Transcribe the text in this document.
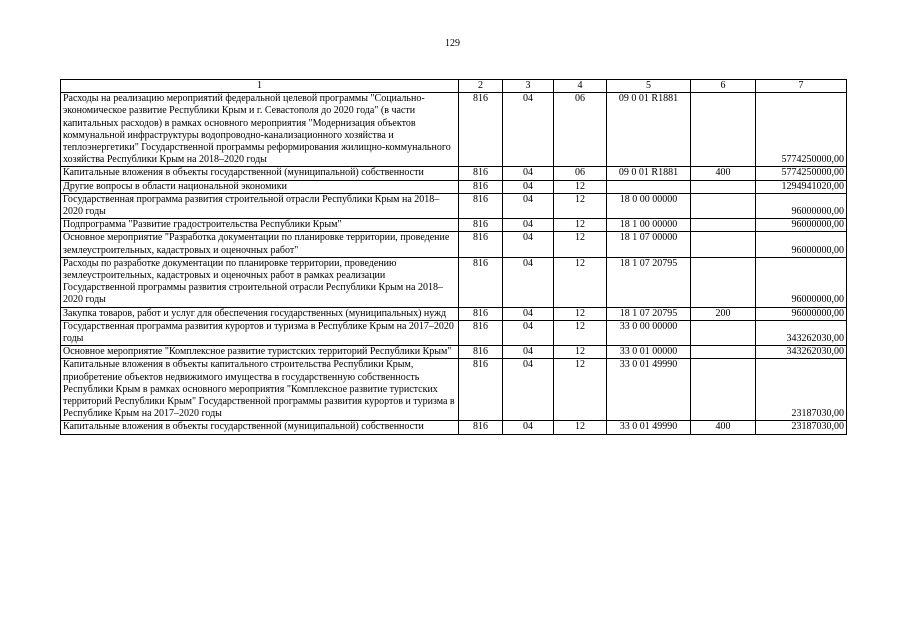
129
1	2	3	4	5	6	7
Расходы на реализацию мероприятий федеральной целевой программы "Социально-экономическое развитие Республики Крым и г. Севастополя до 2020 года" (в части капитальных расходов) в рамках основного мероприятия "Модернизация объектов коммунальной инфраструктуры водопроводно-канализационного хозяйства и теплоэнергетики" Государственной программы реформирования жилищно-коммунального хозяйства Республики Крым на 2018–2020 годы	816	04	06	09 0 01 R1881		5774250000,00
Капитальные вложения в объекты государственной (муниципальной) собственности	816	04	06	09 0 01 R1881	400	5774250000,00
Другие вопросы в области национальной экономики	816	04	12			1294941020,00
Государственная программа развития строительной отрасли Республики Крым на 2018–2020 годы	816	04	12	18 0 00 00000		96000000,00
Подпрограмма "Развитие градостроительства Республики Крым"	816	04	12	18 1 00 00000		96000000,00
Основное мероприятие "Разработка документации по планировке территории, проведение землеустроительных, кадастровых и оценочных работ"	816	04	12	18 1 07 00000		96000000,00
Расходы по разработке документации по планировке территории, проведению землеустроительных, кадастровых и оценочных работ в рамках реализации Государственной программы развития строительной отрасли Республики Крым на 2018–2020 годы	816	04	12	18 1 07 20795		96000000,00
Закупка товаров, работ и услуг для обеспечения государственных (муниципальных) нужд	816	04	12	18 1 07 20795	200	96000000,00
Государственная программа развития курортов и туризма в Республике Крым на 2017–2020 годы	816	04	12	33 0 00 00000		343262030,00
Основное мероприятие "Комплексное развитие туристских территорий Республики Крым"	816	04	12	33 0 01 00000		343262030,00
Капитальные вложения в объекты капитального строительства Республики Крым, приобретение объектов недвижимого имущества в государственную собственность Республики Крым в рамках основного мероприятия "Комплексное развитие туристских территорий Республики Крым" Государственной программы развития курортов и туризма в Республике Крым на 2017–2020 годы	816	04	12	33 0 01 49990		23187030,00
Капитальные вложения в объекты государственной (муниципальной) собственности	816	04	12	33 0 01 49990	400	23187030,00
